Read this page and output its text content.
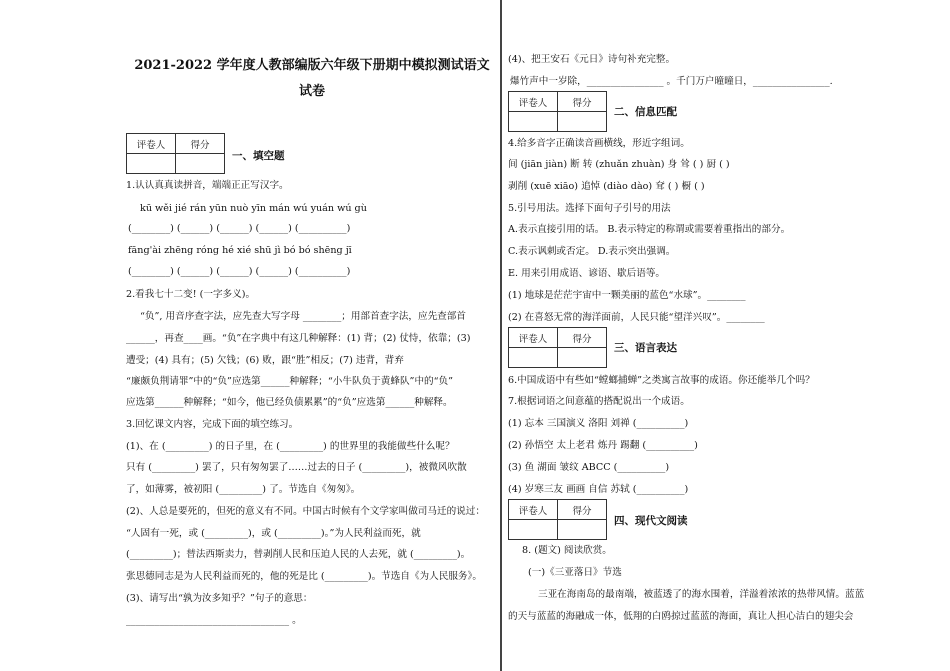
2021-2022 学年度人教部编版六年级下册期中模拟测试语文
试卷
评卷人	得分

一、填空题
1.认认真真读拼音，端端正正写汉字。
kū wěi jié rán yūn nuò yīn mán wú yuán wú gù
(________) (______) (______) (______) (__________)
fāng'ài zhēng róng hé xié shū jì bó bó shēng jī
(________) (______) (______) (______) (__________)
2.看我七十二变! (一字多义)。
“负”, 用音序查字法，应先查大写字母 ________；用部首查字法，应先查部首
______，再查____画。“负”在字典中有这几种解释：(1) 背；(2) 仗恃，依靠；(3)
遭受；(4) 具有；(5) 欠钱；(6) 败，跟“胜”相反；(7) 违背，背弃
“廉颇负荆请罪”中的“负”应选第______种解释；“小牛队负于黄蜂队”中的“负”
应选第______种解释；“如今，他已经负债累累”的“负”应选第______种解释。
3.回忆课文内容，完成下面的填空练习。
(1)、在 (_________) 的日子里，在 (_________) 的世界里的我能做些什么呢？
只有 (_________) 罢了，只有匆匆罢了……过去的日子 (_________)，被微风吹散
了，如薄雾，被初阳 (_________) 了。节选自《匆匆》。
(2)、人总是要死的，但死的意义有不同。中国古时候有个文学家叫做司马迁的说过：
“人固有一死，或 (_________)，或 (_________)。”为人民利益而死，就
(_________)；替法西斯卖力，替剥削人民和压迫人民的人去死，就 (_________)。
张思德同志是为人民利益而死的，他的死是比 (_________)。节选自《为人民服务》。
(3)、请写出“孰为汝多知乎？”句子的意思：
__________________________________ 。
(4)、把王安石《元日》诗句补充完整。
爆竹声中一岁除，________________ 。千门万户曈曈日，________________.
评卷人	得分

二、信息匹配
4.给多音字正确读音画横线，形近字组词。
间 (jiān jiàn) 断 转 (zhuǎn zhuàn) 身 耸 ( ) 厨 ( )
剥削 (xuē xiāo) 追悼 (diào dào) 耷 ( ) 橱 ( )
5.引号用法。选择下面句子引号的用法
A.表示直接引用的话。 B.表示特定的称谓或需要着重指出的部分。
C.表示讽刺或否定。 D.表示突出强调。
E. 用来引用成语、谚语、歇后语等。
(1) 地球是茫茫宇宙中一颗美丽的蓝色“水球”。________
(2) 在喜怒无常的海洋面前，人民只能“望洋兴叹”。________
评卷人	得分

三、语言表达
6.中国成语中有些如“螳螂捕蝉”之类寓言故事的成语。你还能举几个吗？
7.根据词语之间意蕴的搭配说出一个成语。
(1) 忘本 三国演义 洛阳 刘禅 (__________)
(2) 孙悟空 太上老君 炼丹 踢翻 (__________)
(3) 鱼 湖面 皱纹 ABCC (__________)
(4) 岁寒三友 画画 自信 苏轼 (__________)
评卷人	得分

四、现代文阅读
8. (题文) 阅读欣赏。
(一)《三亚落日》节选
三亚在海南岛的最南端，被蓝透了的海水围着，洋溢着浓浓的热带风情。蓝蓝
的天与蓝蓝的海融成一体，低翔的白鸥掠过蓝蓝的海面，真让人担心洁白的翅尖会
